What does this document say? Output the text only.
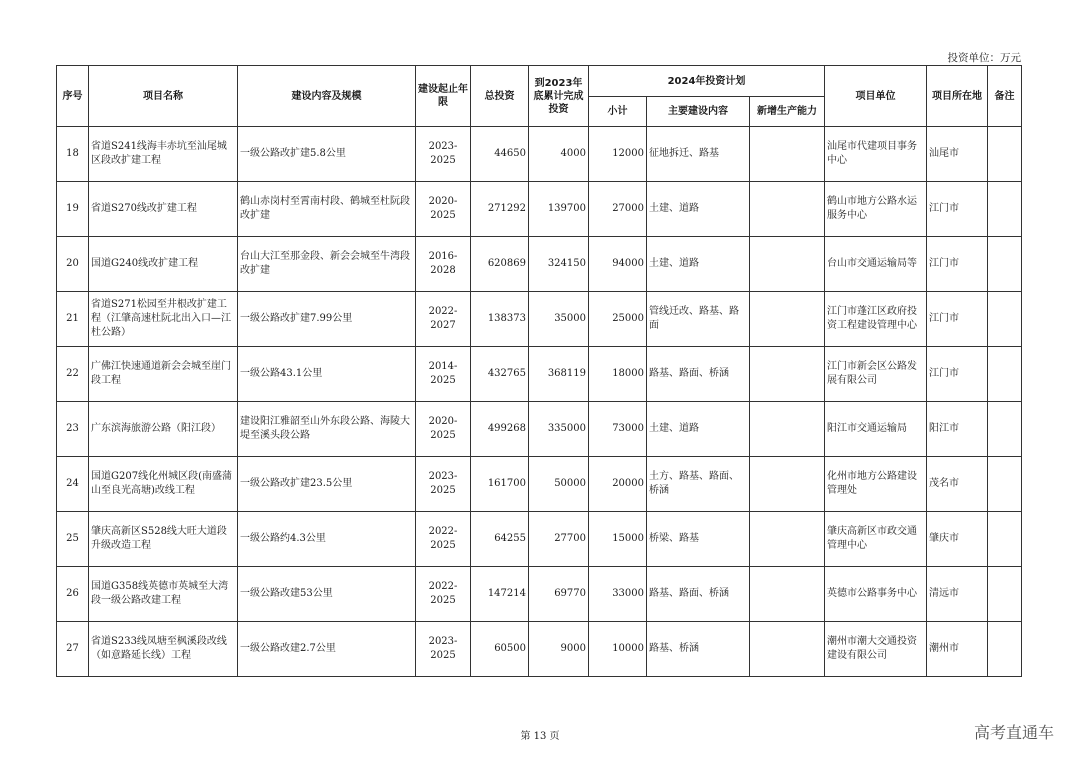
投资单位：万元
序号	项目名称	建设内容及规模	建设起止年限	总投资	到2023年底累计完成投资	2024年投资计划			项目单位	项目所在地	备注
						小计	主要建设内容	新增生产能力			
18	省道S241线海丰赤坑至汕尾城区段改扩建工程	一级公路改扩建5.8公里	2023-2025	44650	4000	12000	征地拆迁、路基		汕尾市代建项目事务中心	汕尾市	
19	省道S270线改扩建工程	鹤山赤岗村至霄南村段、鹤城至杜阮段改扩建	2020-2025	271292	139700	27000	土建、道路		鹤山市地方公路水运服务中心	江门市	
20	国道G240线改扩建工程	台山大江至那金段、新会会城至牛湾段改扩建	2016-2028	620869	324150	94000	土建、道路		台山市交通运输局等	江门市	
21	省道S271松园至井根改扩建工程（江肇高速杜阮北出入口—江杜公路）	一级公路改扩建7.99公里	2022-2027	138373	35000	25000	管线迁改、路基、路面		江门市蓬江区政府投资工程建设管理中心	江门市	
22	广佛江快速通道新会会城至崖门段工程	一级公路43.1公里	2014-2025	432765	368119	18000	路基、路面、桥涵		江门市新会区公路发展有限公司	江门市	
23	广东滨海旅游公路（阳江段）	建设阳江雅韶至山外东段公路、海陵大堤至溪头段公路	2020-2025	499268	335000	73000	土建、道路		阳江市交通运输局	阳江市	
24	国道G207线化州城区段(南盛蒲山至良光高塘)改线工程	一级公路改扩建23.5公里	2023-2025	161700	50000	20000	土方、路基、路面、桥涵		化州市地方公路建设管理处	茂名市	
25	肇庆高新区S528线大旺大道段升级改造工程	一级公路约4.3公里	2022-2025	64255	27700	15000	桥梁、路基		肇庆高新区市政交通管理中心	肇庆市	
26	国道G358线英德市英城至大湾段一级公路改建工程	一级公路改建53公里	2022-2025	147214	69770	33000	路基、路面、桥涵		英德市公路事务中心	清远市	
27	省道S233线凤塘至枫溪段改线（如意路延长线）工程	一级公路改建2.7公里	2023-2025	60500	9000	10000	路基、桥涵		潮州市潮大交通投资建设有限公司	潮州市	
第 13 页	高考直通车
